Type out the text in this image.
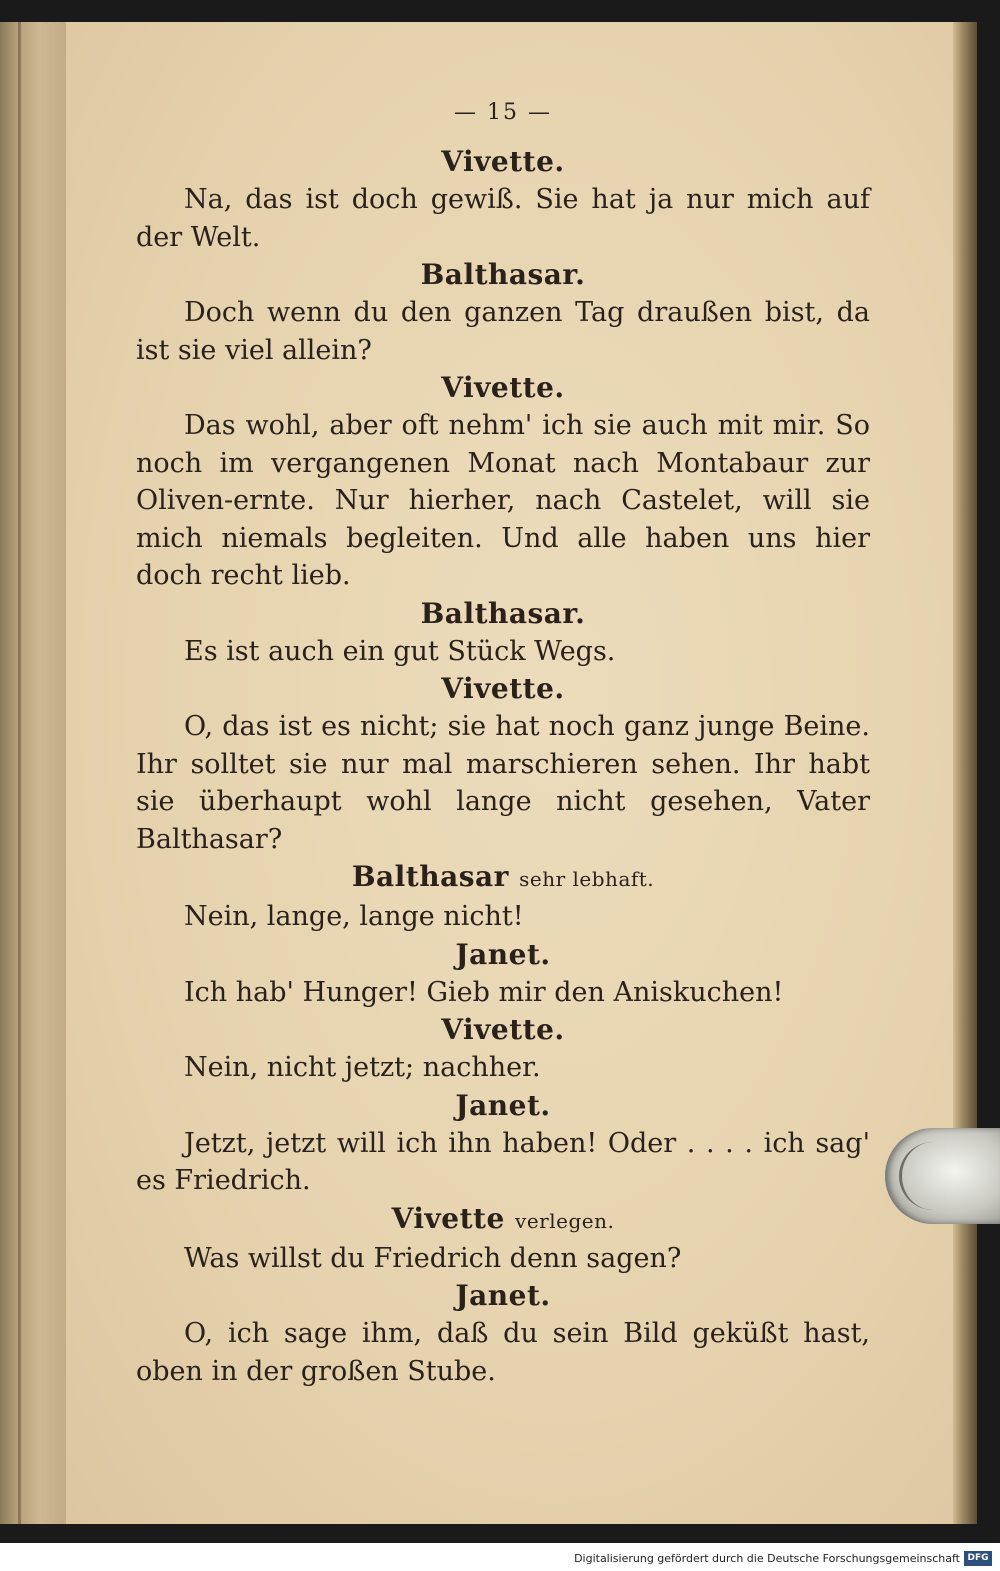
— 15 —
Vivette.
Na, das ist doch gewiß. Sie hat ja nur mich auf der Welt.
Balthasar.
Doch wenn du den ganzen Tag draußen bist, da ist sie viel allein?
Vivette.
Das wohl, aber oft nehm' ich sie auch mit mir. So noch im vergangenen Monat nach Montabaur zur Oliven-ernte. Nur hierher, nach Castelet, will sie mich niemals begleiten. Und alle haben uns hier doch recht lieb.
Balthasar.
Es ist auch ein gut Stück Wegs.
Vivette.
O, das ist es nicht; sie hat noch ganz junge Beine. Ihr solltet sie nur mal marschieren sehen. Ihr habt sie überhaupt wohl lange nicht gesehen, Vater Balthasar?
Balthasar sehr lebhaft.
Nein, lange, lange nicht!
Janet.
Ich hab' Hunger! Gieb mir den Aniskuchen!
Vivette.
Nein, nicht jetzt; nachher.
Janet.
Jetzt, jetzt will ich ihn haben! Oder . . . . ich sag' es Friedrich.
Vivette verlegen.
Was willst du Friedrich denn sagen?
Janet.
O, ich sage ihm, daß du sein Bild geküßt hast, oben in der großen Stube.
Digitalisierung gefördert durch die Deutsche Forschungsgemeinschaft DFG
